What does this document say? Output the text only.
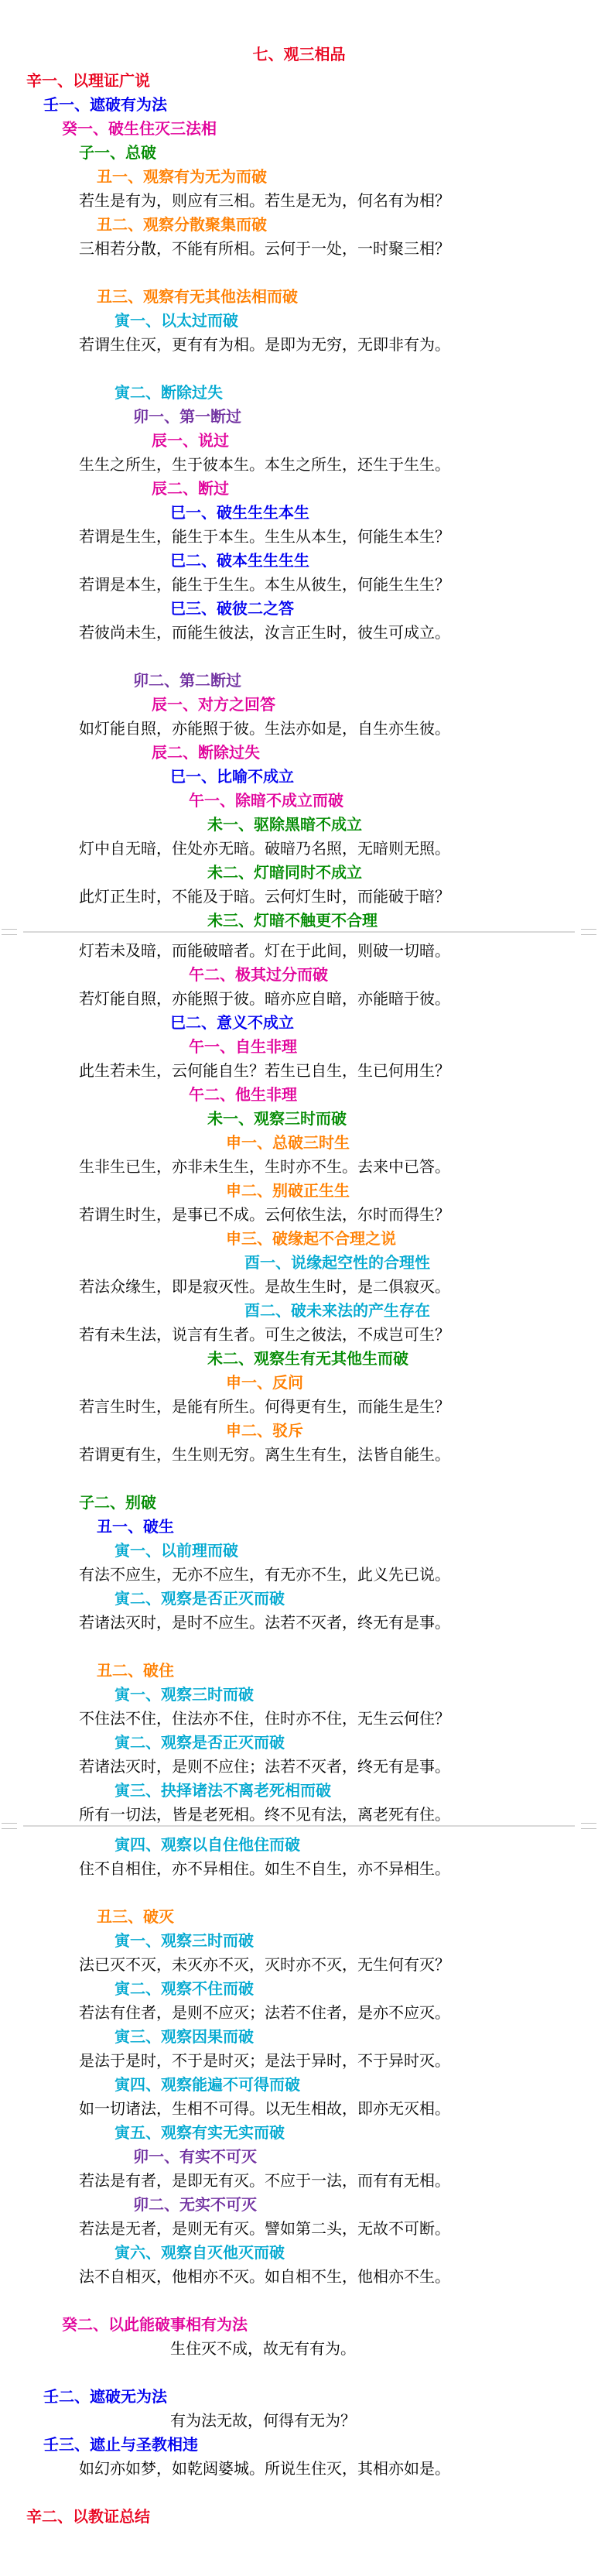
七、观三相品
辛一、以理证广说
壬一、遮破有为法
癸一、破生住灭三法相
子一、总破
丑一、观察有为无为而破
若生是有为，则应有三相。若生是无为，何名有为相？
丑二、观察分散聚集而破
三相若分散，不能有所相。云何于一处，一时聚三相？
丑三、观察有无其他法相而破
寅一、以太过而破
若谓生住灭，更有有为相。是即为无穷，无即非有为。
寅二、断除过失
卯一、第一断过
辰一、说过
生生之所生，生于彼本生。本生之所生，还生于生生。
辰二、断过
巳一、破生生生本生
若谓是生生，能生于本生。生生从本生，何能生本生？
巳二、破本生生生生
若谓是本生，能生于生生。本生从彼生，何能生生生？
巳三、破彼二之答
若彼尚未生，而能生彼法，汝言正生时，彼生可成立。
卯二、第二断过
辰一、对方之回答
如灯能自照，亦能照于彼。生法亦如是，自生亦生彼。
辰二、断除过失
巳一、比喻不成立
午一、除暗不成立而破
未一、驱除黑暗不成立
灯中自无暗，住处亦无暗。破暗乃名照，无暗则无照。
未二、灯暗同时不成立
此灯正生时，不能及于暗。云何灯生时，而能破于暗？
未三、灯暗不触更不合理
灯若未及暗，而能破暗者。灯在于此间，则破一切暗。
午二、极其过分而破
若灯能自照，亦能照于彼。暗亦应自暗，亦能暗于彼。
巳二、意义不成立
午一、自生非理
此生若未生，云何能自生？若生已自生，生已何用生？
午二、他生非理
未一、观察三时而破
申一、总破三时生
生非生已生，亦非未生生，生时亦不生。去来中已答。
申二、别破正生生
若谓生时生，是事已不成。云何依生法，尔时而得生？
申三、破缘起不合理之说
酉一、说缘起空性的合理性
若法众缘生，即是寂灭性。是故生生时，是二俱寂灭。
酉二、破未来法的产生存在
若有未生法，说言有生者。可生之彼法，不成岂可生？
未二、观察生有无其他生而破
申一、反问
若言生时生，是能有所生。何得更有生，而能生是生？
申二、驳斥
若谓更有生，生生则无穷。离生生有生，法皆自能生。
子二、别破
丑一、破生
寅一、以前理而破
有法不应生，无亦不应生，有无亦不生，此义先已说。
寅二、观察是否正灭而破
若诸法灭时，是时不应生。法若不灭者，终无有是事。
丑二、破住
寅一、观察三时而破
不住法不住，住法亦不住，住时亦不住，无生云何住？
寅二、观察是否正灭而破
若诸法灭时，是则不应住；法若不灭者，终无有是事。
寅三、抉择诸法不离老死相而破
所有一切法，皆是老死相。终不见有法，离老死有住。
寅四、观察以自住他住而破
住不自相住，亦不异相住。如生不自生，亦不异相生。
丑三、破灭
寅一、观察三时而破
法已灭不灭，未灭亦不灭，灭时亦不灭，无生何有灭？
寅二、观察不住而破
若法有住者，是则不应灭；法若不住者，是亦不应灭。
寅三、观察因果而破
是法于是时，不于是时灭；是法于异时，不于异时灭。
寅四、观察能遍不可得而破
如一切诸法，生相不可得。以无生相故，即亦无灭相。
寅五、观察有实无实而破
卯一、有实不可灭
若法是有者，是即无有灭。不应于一法，而有有无相。
卯二、无实不可灭
若法是无者，是则无有灭。譬如第二头，无故不可断。
寅六、观察自灭他灭而破
法不自相灭，他相亦不灭。如自相不生，他相亦不生。
癸二、以此能破事相有为法
生住灭不成，故无有有为。
壬二、遮破无为法
有为法无故，何得有无为？
壬三、遮止与圣教相违
如幻亦如梦，如乾闼婆城。所说生住灭，其相亦如是。
辛二、以教证总结
